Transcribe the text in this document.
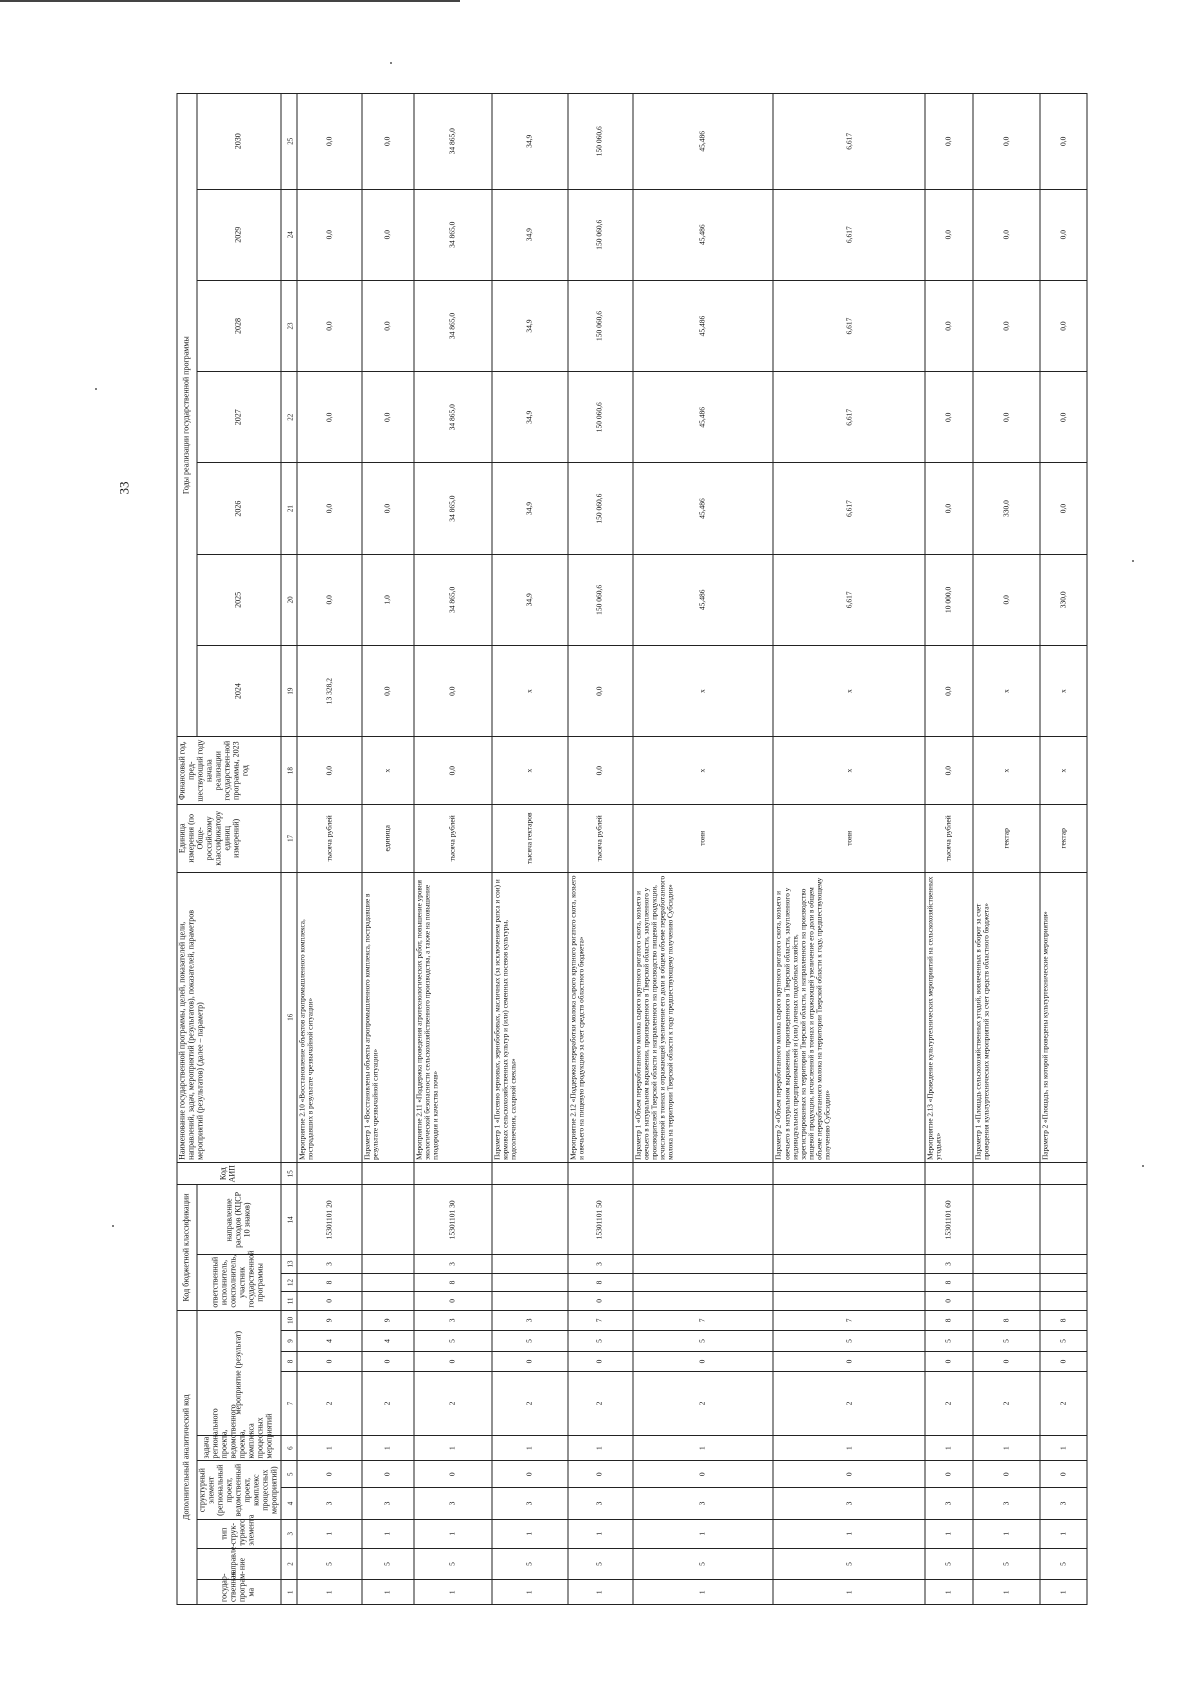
33
Дополнительный аналитический код										Код бюджетной классификации				Код АИП	Наименование государственной программы, целей, показателей цели, направлений, задач, мероприятий (результатов), показателей, параметров мероприятий (результатов) (далее – параметр)	Единица измерения (по Обще-российскому классификатору единиц измерений)	Финансовый год, пред-шествующий году начала реализации государствен-ной программы, 2023 год	Годы реализации государственной программы						
государ-ственная програм-ма	направле-ние	тип струк-турного элемента	структурный элемент (региональный проект, ведомственный проект, комплекс процессных мероприятий)		задача регионального проекта, ведомственного проекта, комплекса процессных мероприятий	мероприятие (результат)				ответственный исполнитель, соисполнитель, участник государственной программы			направление расходов (КЦСР 10 знаков)					2024	2025	2026	2027	2028	2029	2030

1	2	3	4	5	6	7	8	9	10	11	12	13	14	15	16	17	18	19	20	21	22	23	24	25
1	5	1	3	0	1	2	0	4	9	0	8	3	15301101 20		Мероприятие 2.10 «Восстановление объектов агропромышленного комплекса, пострадавших в результате чрезвычайной ситуации»	тысяча рублей	0,0	13 328,2	0,0	0,0	0,0	0,0	0,0	0,0
1	5	1	3	0	1	2	0	4	9						Параметр 1 «Восстановлены объекты агропромышленного комплекса, пострадавшие в результате чрезвычайной ситуации»	единица	х	0,0	1,0	0,0	0,0	0,0	0,0	0,0
1	5	1	3	0	1	2	0	5	3	0	8	3	15301101 30		Мероприятие 2.11 «Поддержка проведения агротехнологических работ, повышение уровня экологической безопасности сельскохозяйственного производства, а также на повышение плодородия и качества почв»	тысяча рублей	0,0	0,0	34 865,0	34 865,0	34 865,0	34 865,0	34 865,0	34 865,0
1	5	1	3	0	1	2	0	5	3						Параметр 1 «Посевно зерновых, зернобобовых, масличных (за исключением рапса и сои) и кормовых сельскохозяйственных культур и (или) семенных посевов культуры, подсолнечник, сахарной свеклы»	тысяча гектаров	х	х	34,9	34,9	34,9	34,9	34,9	34,9
1	5	1	3	0	1	2	0	5	7	0	8	3	15301101 50		Мероприятие 2.12 «Поддержка переработки молока сырого крупного рогатого скота, козьего и овечьего на пищевую продукцию за счет средств областного бюджета»	тысяча рублей	0,0	0,0	150 060,6	150 060,6	150 060,6	150 060,6	150 060,6	150 060,6
1	5	1	3	0	1	2	0	5	7						Параметр 1 «Объем переработанного молока сырого крупного рогатого скота, козьего и овечьего в натуральном выражении, произведенного в Тверской области, закупленного у производителей Тверской области и направленного на производство пищевой продукции, исчисленной в тоннах и отражающей увеличение его доли в общем объеме переработанного молока на территории Тверской области к году предшествующему получению Субсидии»	тонн	х	х	45,486	45,486	45,486	45,486	45,486	45,486
1	5	1	3	0	1	2	0	5	7						Параметр 2 «Объем переработанного молока сырого крупного рогатого скота, козьего и овечьего в натуральном выражении, произведенного в Тверской области, закупленного у индивидуальных предпринимателей и (или) личных подсобных хозяйств, зарегистрированных на территории Тверской области, и направленного на производство пищевой продукции, исчисленной в тоннах и отражающей увеличение его доли в общем объеме переработанного молока на территории Тверской области к году, предшествующему получению Субсидии»	тонн	х	х	6,617	6,617	6,617	6,617	6,617	6,617
1	5	1	3	0	1	2	0	5	8	0	8	3	15301101 60		Мероприятие 2.13 «Проведение культуртехнических мероприятий на сельскохозяйственных угодьях»	тысяча рублей	0,0	0,0	10 000,0	0,0	0,0	0,0	0,0	0,0
1	5	1	3	0	1	2	0	5	8						Параметр 1 «Площадь сельскохозяйственных угодий, вовлеченных в оборот за счет проведения культуртехнических мероприятий за счет средств областного бюджета»	гектар	х	х	0,0	330,0	0,0	0,0	0,0	0,0
1	5	1	3	0	1	2	0	5	8						Параметр 2 «Площадь, на которой проведены культуртехнические мероприятия»	гектар	х	х	330,0	0,0	0,0	0,0	0,0	0,0
